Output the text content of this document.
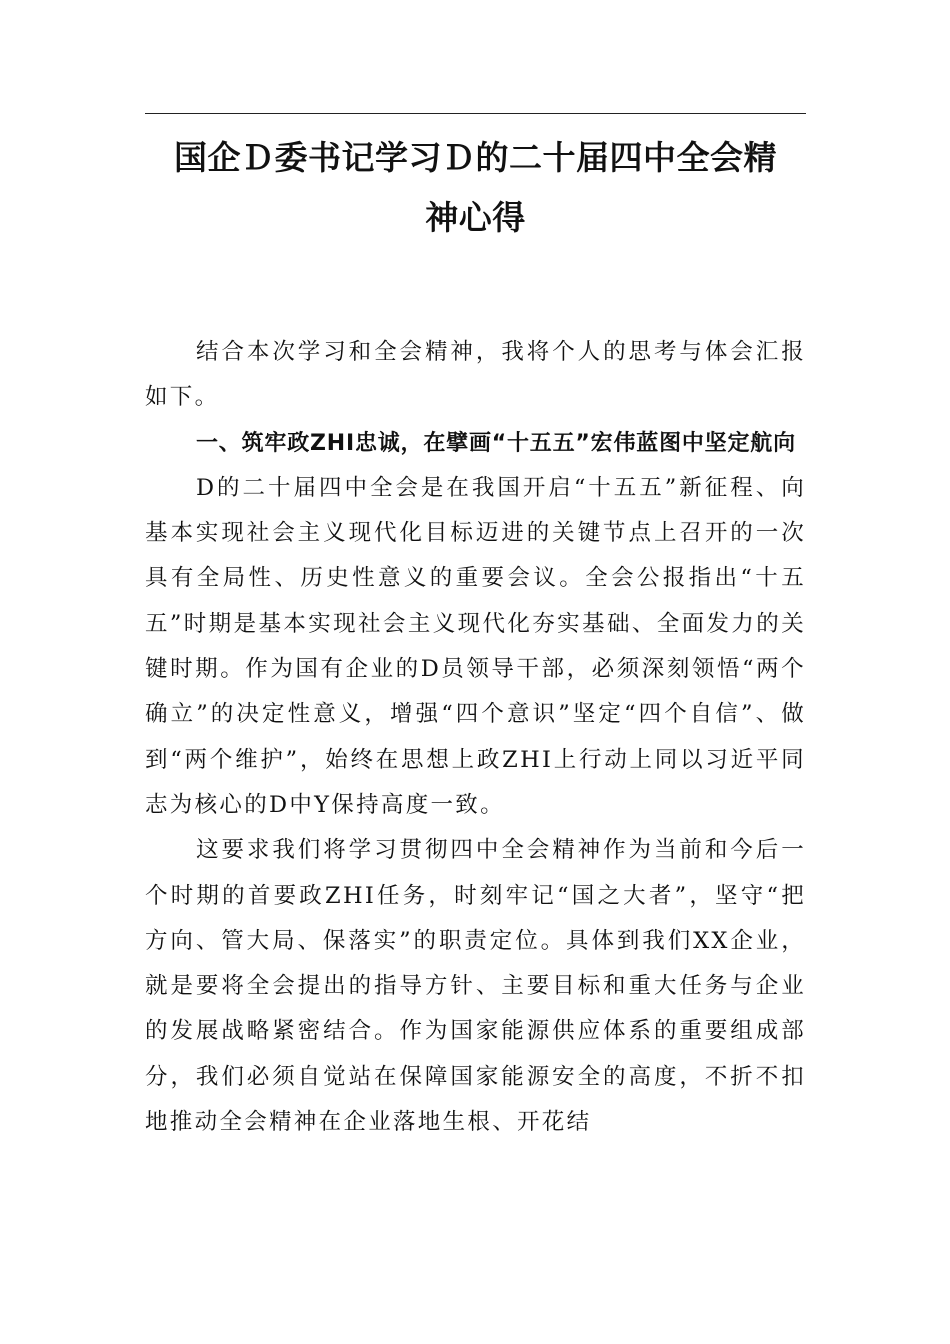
国企Ｄ委书记学习Ｄ的二十届四中全会精
神心得

结合本次学习和全会精神，我将个人的思考与体会汇报如下。

一、筑牢政ZHI忠诚，在擘画“十五五”宏伟蓝图中坚定航向

D的二十届四中全会是在我国开启“十五五”新征程、向基本实现社会主义现代化目标迈进的关键节点上召开的一次具有全局性、历史性意义的重要会议。全会公报指出“十五五”时期是基本实现社会主义现代化夯实基础、全面发力的关键时期。作为国有企业的D员领导干部，必须深刻领悟“两个确立”的决定性意义，增强“四个意识”坚定“四个自信”、做到“两个维护”，始终在思想上政ZHI上行动上同以习近平同志为核心的D中Y保持高度一致。

这要求我们将学习贯彻四中全会精神作为当前和今后一个时期的首要政ZHI任务，时刻牢记“国之大者”，坚守“把方向、管大局、保落实”的职责定位。具体到我们XX企业，就是要将全会提出的指导方针、主要目标和重大任务与企业的发展战略紧密结合。作为国家能源供应体系的重要组成部分，我们必须自觉站在保障国家能源安全的高度，不折不扣地推动全会精神在企业落地生根、开花结
